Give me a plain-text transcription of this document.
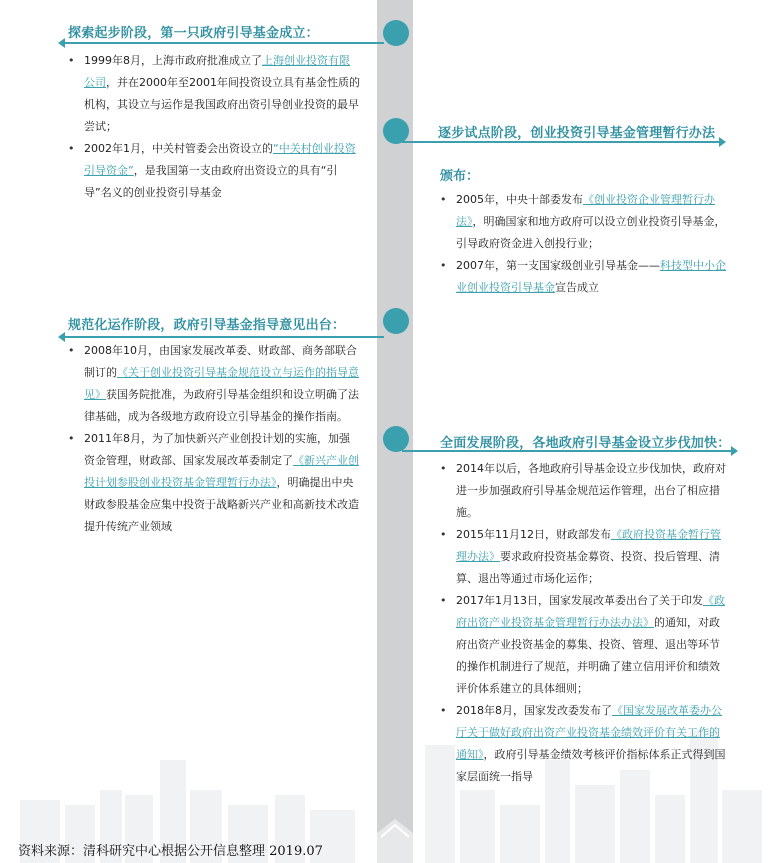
探索起步阶段，第一只政府引导基金成立：
• 1999年8月，上海市政府批准成立了上海创业投资有限公司，并在2000年至2001年间投资设立具有基金性质的机构，其设立与运作是我国政府出资引导创业投资的最早尝试；
• 2002年1月，中关村管委会出资设立的“中关村创业投资引导资金”，是我国第一支由政府出资设立的具有“引导”名义的创业投资引导基金
逐步试点阶段，创业投资引导基金管理暂行办法
颁布：
• 2005年，中央十部委发布《创业投资企业管理暂行办法》，明确国家和地方政府可以设立创业投资引导基金，引导政府资金进入创投行业；
• 2007年，第一支国家级创业引导基金——科技型中小企业创业投资引导基金宣告成立
规范化运作阶段，政府引导基金指导意见出台：
• 2008年10月，由国家发展改革委、财政部、商务部联合制订的《关于创业投资引导基金规范设立与运作的指导意见》获国务院批准，为政府引导基金组织和设立明确了法律基础，成为各级地方政府设立引导基金的操作指南。
• 2011年8月，为了加快新兴产业创投计划的实施，加强资金管理，财政部、国家发展改革委制定了《新兴产业创投计划参股创业投资基金管理暂行办法》，明确提出中央财政参股基金应集中投资于战略新兴产业和高新技术改造提升传统产业领域
全面发展阶段，各地政府引导基金设立步伐加快：
• 2014年以后，各地政府引导基金设立步伐加快，政府对进一步加强政府引导基金规范运作管理，出台了相应措施。
• 2015年11月12日，财政部发布《政府投资基金暂行管理办法》要求政府投资基金募资、投资、投后管理、清算、退出等通过市场化运作；
• 2017年1月13日，国家发展改革委出台了关于印发《政府出资产业投资基金管理暂行办法办法》的通知，对政府出资产业投资基金的募集、投资、管理、退出等环节的操作机制进行了规范，并明确了建立信用评价和绩效评价体系建立的具体细则；
• 2018年8月，国家发改委发布了《国家发展改革委办公厅关于做好政府出资产业投资基金绩效评价有关工作的通知》，政府引导基金绩效考核评价指标体系正式得到国家层面统一指导
资料来源：清科研究中心根据公开信息整理 2019.07
